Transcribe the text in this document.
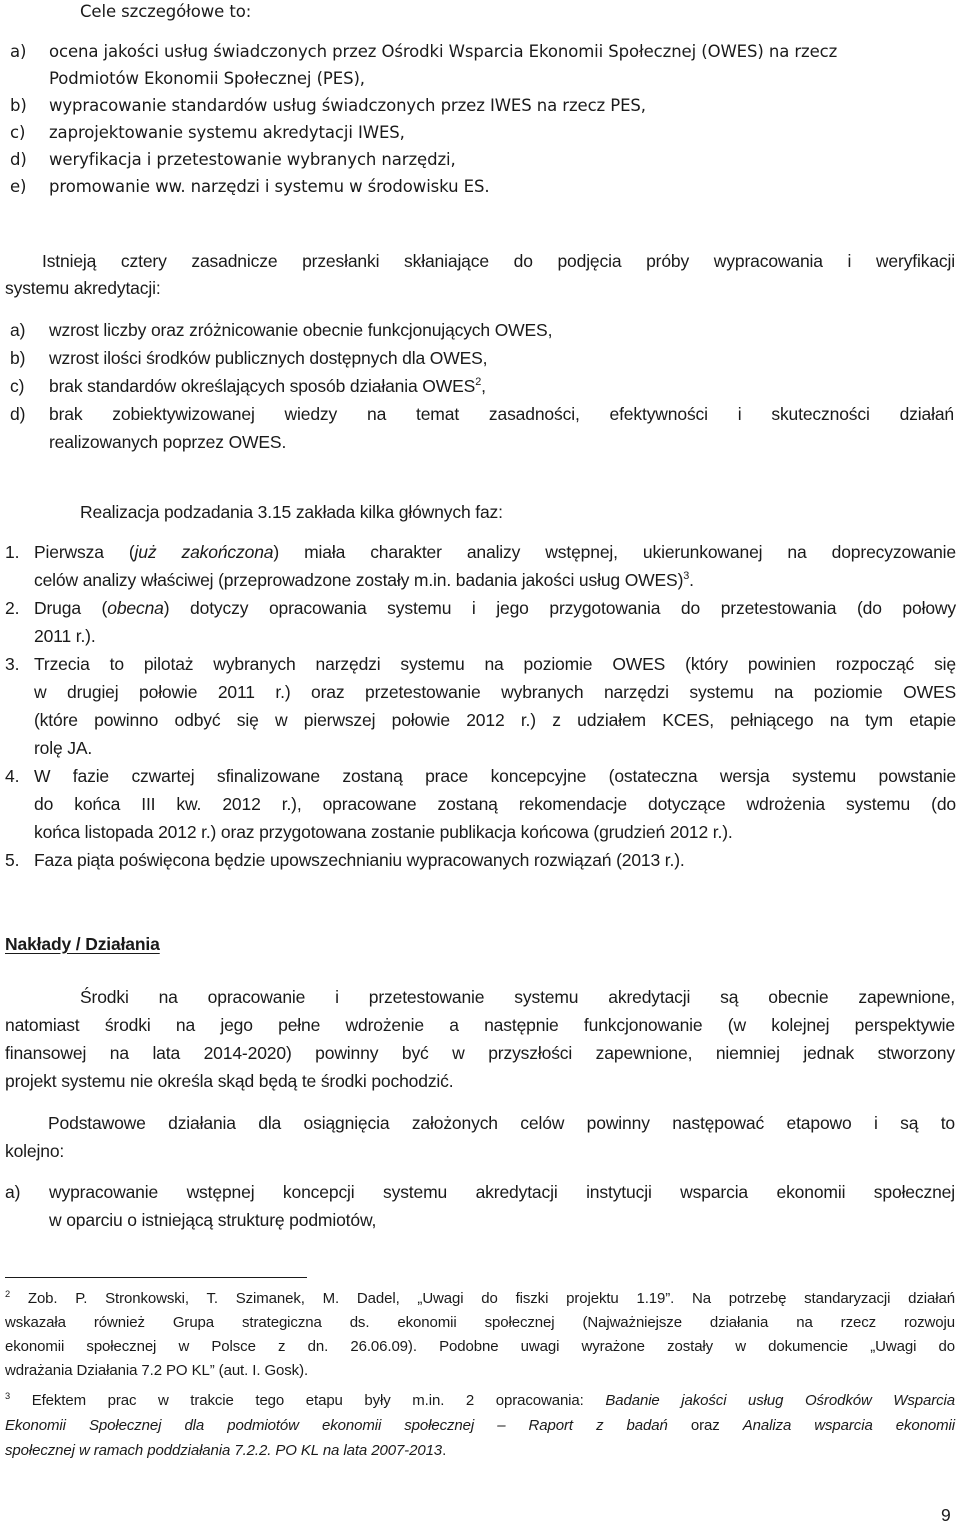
Cele szczegółowe to:
a) ocena jakości usług świadczonych przez Ośrodki Wsparcia Ekonomii Społecznej (OWES) na rzecz
Podmiotów Ekonomii Społecznej (PES),
b) wypracowanie standardów usług świadczonych przez IWES na rzecz PES,
c) zaprojektowanie systemu akredytacji IWES,
d) weryfikacja i przetestowanie wybranych narzędzi,
e) promowanie ww. narzędzi i systemu w środowisku ES.
Istnieją cztery zasadnicze przesłanki skłaniające do podjęcia próby wypracowania i weryfikacji
systemu akredytacji:
a) wzrost liczby oraz zróżnicowanie obecnie funkcjonujących OWES,
b) wzrost ilości środków publicznych dostępnych dla OWES,
c) brak standardów określających sposób działania OWES$^2$,
d) brak zobiektywizowanej wiedzy na temat zasadności, efektywności i skuteczności działań
realizowanych poprzez OWES.
Realizacja podzadania 3.15 zakłada kilka głównych faz:
1. Pierwsza (już zakończona) miała charakter analizy wstępnej, ukierunkowanej na doprecyzowanie
celów analizy właściwej (przeprowadzone zostały m.in. badania jakości usług OWES)$^3$.
2. Druga (obecna) dotyczy opracowania systemu i jego przygotowania do przetestowania (do połowy
2011 r.).
3. Trzecia to pilotaż wybranych narzędzi systemu na poziomie OWES (który powinien rozpocząć się
w drugiej połowie 2011 r.) oraz przetestowanie wybranych narzędzi systemu na poziomie OWES
(które powinno odbyć się w pierwszej połowie 2012 r.) z udziałem KCES, pełniącego na tym etapie
rolę JA.
4. W fazie czwartej sfinalizowane zostaną prace koncepcyjne (ostateczna wersja systemu powstanie
do końca III kw. 2012 r.), opracowane zostaną rekomendacje dotyczące wdrożenia systemu (do
końca listopada 2012 r.) oraz przygotowana zostanie publikacja końcowa (grudzień 2012 r.).
5. Faza piąta poświęcona będzie upowszechnianiu wypracowanych rozwiązań (2013 r.).
Nakłady / Działania
Środki na opracowanie i przetestowanie systemu akredytacji są obecnie zapewnione,
natomiast środki na jego pełne wdrożenie a następnie funkcjonowanie (w kolejnej perspektywie
finansowej na lata 2014-2020) powinny być w przyszłości zapewnione, niemniej jednak stworzony
projekt systemu nie określa skąd będą te środki pochodzić.
Podstawowe działania dla osiągnięcia założonych celów powinny następować etapowo i są to
kolejno:
a) wypracowanie wstępnej koncepcji systemu akredytacji instytucji wsparcia ekonomii społecznej
w oparciu o istniejącą strukturę podmiotów,
$^2$ Zob. P. Stronkowski, T. Szimanek, M. Dadel, „Uwagi do fiszki projektu 1.19”. Na potrzebę standaryzacji działań
wskazała również Grupa strategiczna ds. ekonomii społecznej (Najważniejsze działania na rzecz rozwoju
ekonomii społecznej w Polsce z dn. 26.06.09). Podobne uwagi wyrażone zostały w dokumencie „Uwagi do
wdrażania Działania 7.2 PO KL” (aut. I. Gosk).
$^3$ Efektem prac w trakcie tego etapu były m.in. 2 opracowania: Badanie jakości usług Ośrodków Wsparcia
Ekonomii Społecznej dla podmiotów ekonomii społecznej – Raport z badań oraz Analiza wsparcia ekonomii
społecznej w ramach poddziałania 7.2.2. PO KL na lata 2007-2013.
9
